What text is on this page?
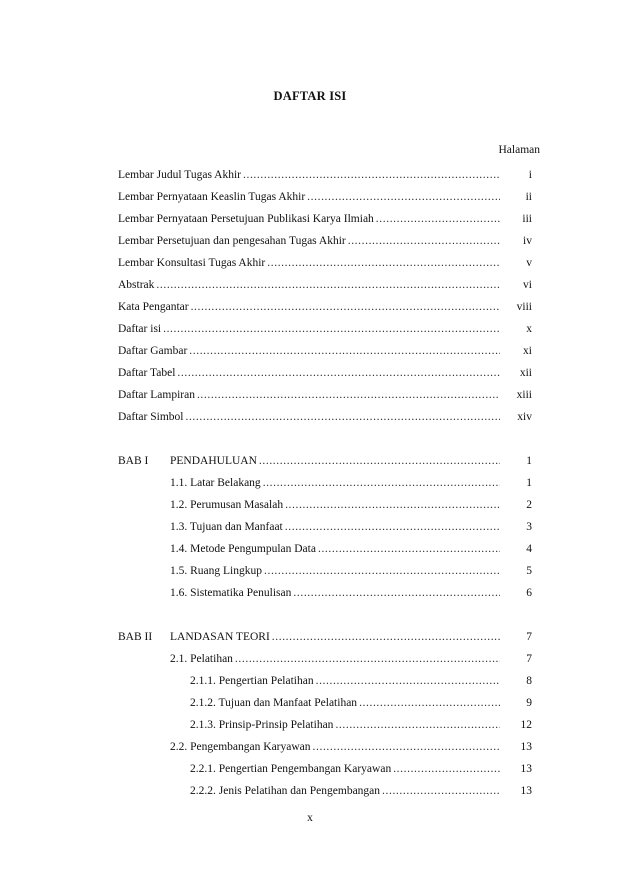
DAFTAR ISI
Halaman
Lembar Judul Tugas Akhir .....	i
Lembar Pernyataan Keaslin Tugas Akhir .....	ii
Lembar Pernyataan Persetujuan Publikasi Karya Ilmiah .....	iii
Lembar Persetujuan dan pengesahan Tugas Akhir .....	iv
Lembar Konsultasi Tugas Akhir .....	v
Abstrak .....	vi
Kata Pengantar .....	viii
Daftar isi .....	x
Daftar Gambar .....	xi
Daftar Tabel .....	xii
Daftar Lampiran .....	xiii
Daftar Simbol .....	xiv
BAB I	PENDAHULUAN .....	1
1.1. Latar Belakang .....	1
1.2. Perumusan Masalah .....	2
1.3. Tujuan dan Manfaat .....	3
1.4. Metode Pengumpulan Data .....	4
1.5. Ruang Lingkup .....	5
1.6. Sistematika Penulisan .....	6
BAB II	LANDASAN TEORI .....	7
2.1. Pelatihan .....	7
2.1.1. Pengertian Pelatihan .....	8
2.1.2. Tujuan dan Manfaat Pelatihan .....	9
2.1.3. Prinsip-Prinsip Pelatihan .....	12
2.2. Pengembangan Karyawan .....	13
2.2.1. Pengertian Pengembangan Karyawan .....	13
2.2.2. Jenis Pelatihan dan Pengembangan .....	13
x
